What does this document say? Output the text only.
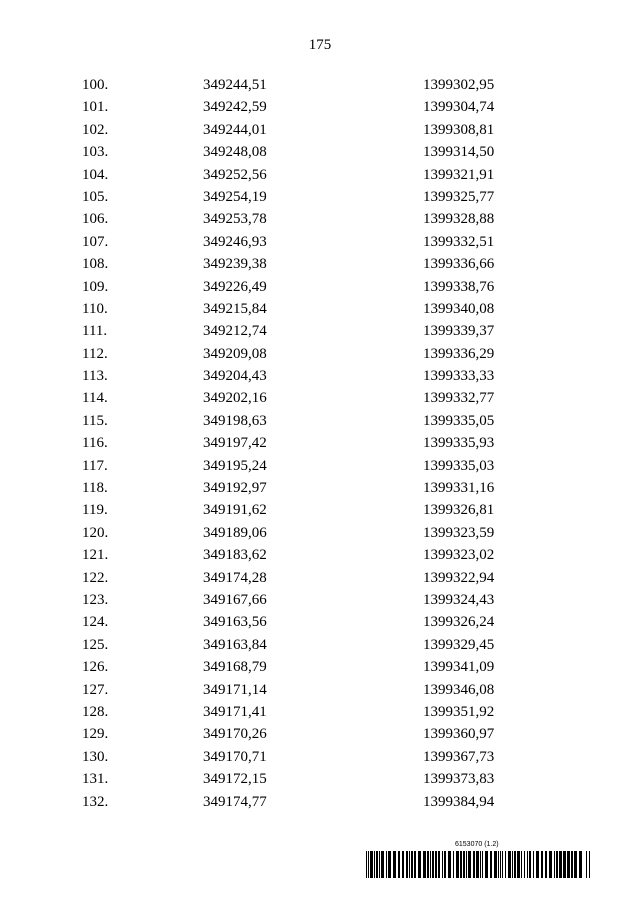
175
100.	349244,51	1399302,95
101.	349242,59	1399304,74
102.	349244,01	1399308,81
103.	349248,08	1399314,50
104.	349252,56	1399321,91
105.	349254,19	1399325,77
106.	349253,78	1399328,88
107.	349246,93	1399332,51
108.	349239,38	1399336,66
109.	349226,49	1399338,76
110.	349215,84	1399340,08
111.	349212,74	1399339,37
112.	349209,08	1399336,29
113.	349204,43	1399333,33
114.	349202,16	1399332,77
115.	349198,63	1399335,05
116.	349197,42	1399335,93
117.	349195,24	1399335,03
118.	349192,97	1399331,16
119.	349191,62	1399326,81
120.	349189,06	1399323,59
121.	349183,62	1399323,02
122.	349174,28	1399322,94
123.	349167,66	1399324,43
124.	349163,56	1399326,24
125.	349163,84	1399329,45
126.	349168,79	1399341,09
127.	349171,14	1399346,08
128.	349171,41	1399351,92
129.	349170,26	1399360,97
130.	349170,71	1399367,73
131.	349172,15	1399373,83
132.	349174,77	1399384,94
6153070 (1.2)
